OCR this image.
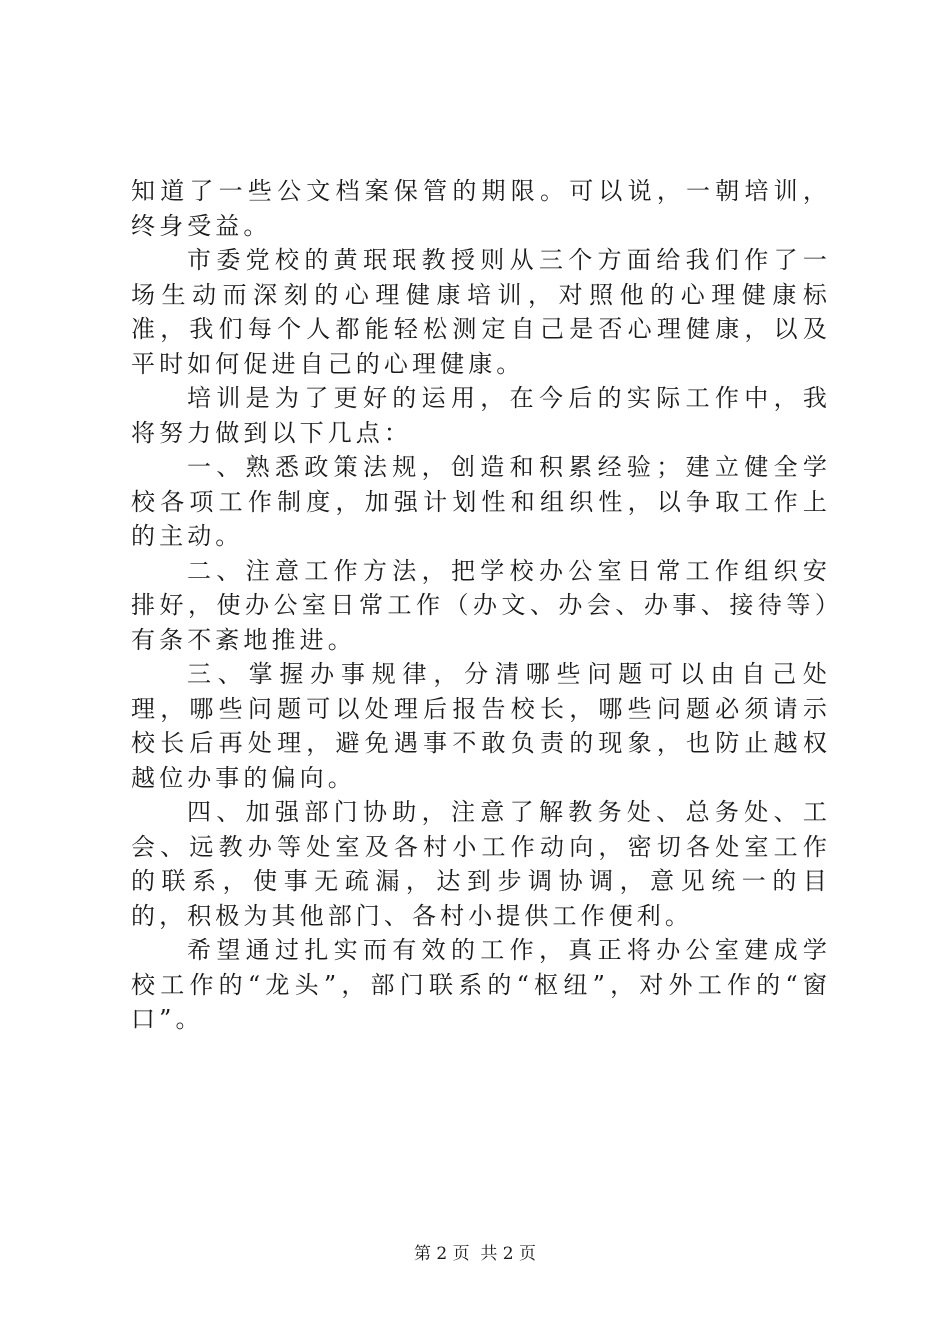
知道了一些公文档案保管的期限。可以说，一朝培训，终身受益。

市委党校的黄珉珉教授则从三个方面给我们作了一场生动而深刻的心理健康培训，对照他的心理健康标准，我们每个人都能轻松测定自己是否心理健康，以及平时如何促进自己的心理健康。

培训是为了更好的运用，在今后的实际工作中，我将努力做到以下几点：

一、熟悉政策法规，创造和积累经验；建立健全学校各项工作制度，加强计划性和组织性，以争取工作上的主动。

二、注意工作方法，把学校办公室日常工作组织安排好，使办公室日常工作（办文、办会、办事、接待等）有条不紊地推进。

三、掌握办事规律，分清哪些问题可以由自己处理，哪些问题可以处理后报告校长，哪些问题必须请示校长后再处理，避免遇事不敢负责的现象，也防止越权越位办事的偏向。

四、加强部门协助，注意了解教务处、总务处、工会、远教办等处室及各村小工作动向，密切各处室工作的联系，使事无疏漏，达到步调协调，意见统一的目的，积极为其他部门、各村小提供工作便利。

希望通过扎实而有效的工作，真正将办公室建成学校工作的“龙头”，部门联系的“枢纽”，对外工作的“窗口”。

第 2 页  共 2 页
